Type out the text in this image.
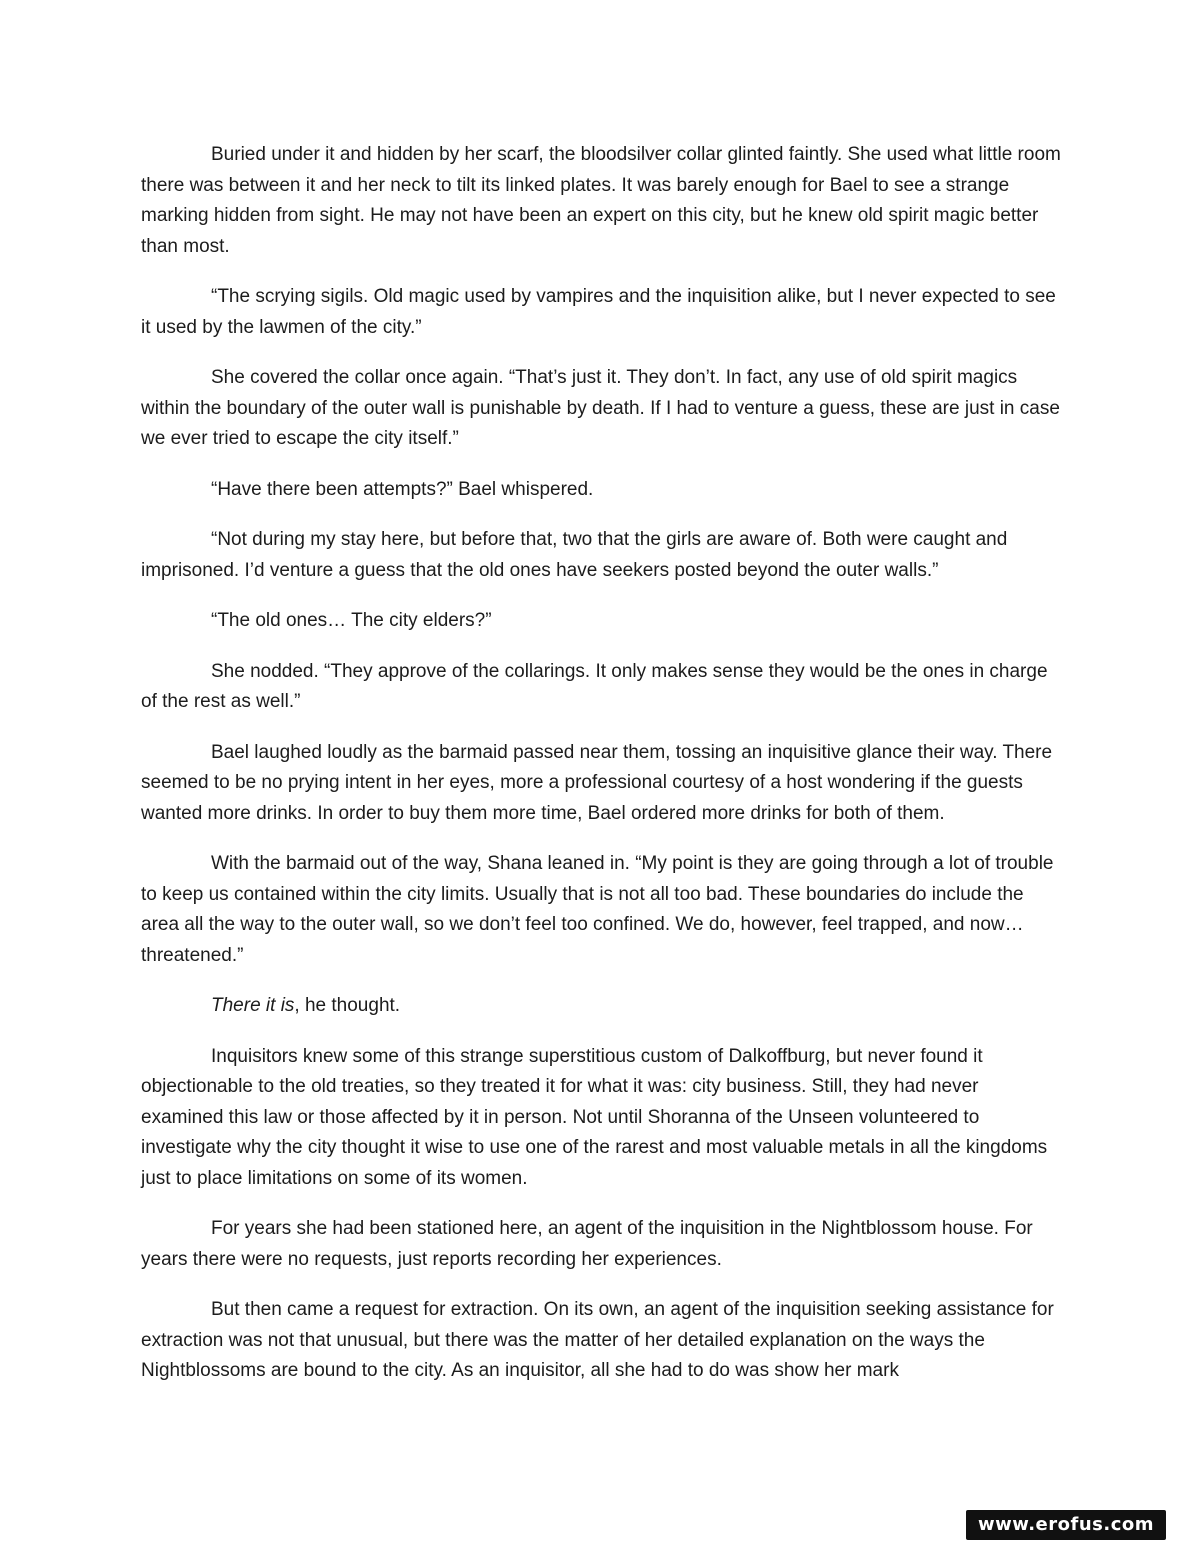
Buried under it and hidden by her scarf, the bloodsilver collar glinted faintly. She used what little room there was between it and her neck to tilt its linked plates. It was barely enough for Bael to see a strange marking hidden from sight. He may not have been an expert on this city, but he knew old spirit magic better than most.

“The scrying sigils. Old magic used by vampires and the inquisition alike, but I never expected to see it used by the lawmen of the city.”

She covered the collar once again. “That’s just it. They don’t. In fact, any use of old spirit magics within the boundary of the outer wall is punishable by death. If I had to venture a guess, these are just in case we ever tried to escape the city itself.”

“Have there been attempts?” Bael whispered.

“Not during my stay here, but before that, two that the girls are aware of. Both were caught and imprisoned. I’d venture a guess that the old ones have seekers posted beyond the outer walls.”

“The old ones… The city elders?”

She nodded. “They approve of the collarings. It only makes sense they would be the ones in charge of the rest as well.”

Bael laughed loudly as the barmaid passed near them, tossing an inquisitive glance their way. There seemed to be no prying intent in her eyes, more a professional courtesy of a host wondering if the guests wanted more drinks. In order to buy them more time, Bael ordered more drinks for both of them.

With the barmaid out of the way, Shana leaned in. “My point is they are going through a lot of trouble to keep us contained within the city limits. Usually that is not all too bad. These boundaries do include the area all the way to the outer wall, so we don’t feel too confined. We do, however, feel trapped, and now…threatened.”

There it is, he thought.

Inquisitors knew some of this strange superstitious custom of Dalkoffburg, but never found it objectionable to the old treaties, so they treated it for what it was: city business. Still, they had never examined this law or those affected by it in person. Not until Shoranna of the Unseen volunteered to investigate why the city thought it wise to use one of the rarest and most valuable metals in all the kingdoms just to place limitations on some of its women.

For years she had been stationed here, an agent of the inquisition in the Nightblossom house. For years there were no requests, just reports recording her experiences.

But then came a request for extraction. On its own, an agent of the inquisition seeking assistance for extraction was not that unusual, but there was the matter of her detailed explanation on the ways the Nightblossoms are bound to the city. As an inquisitor, all she had to do was show her mark

www.erofus.com
